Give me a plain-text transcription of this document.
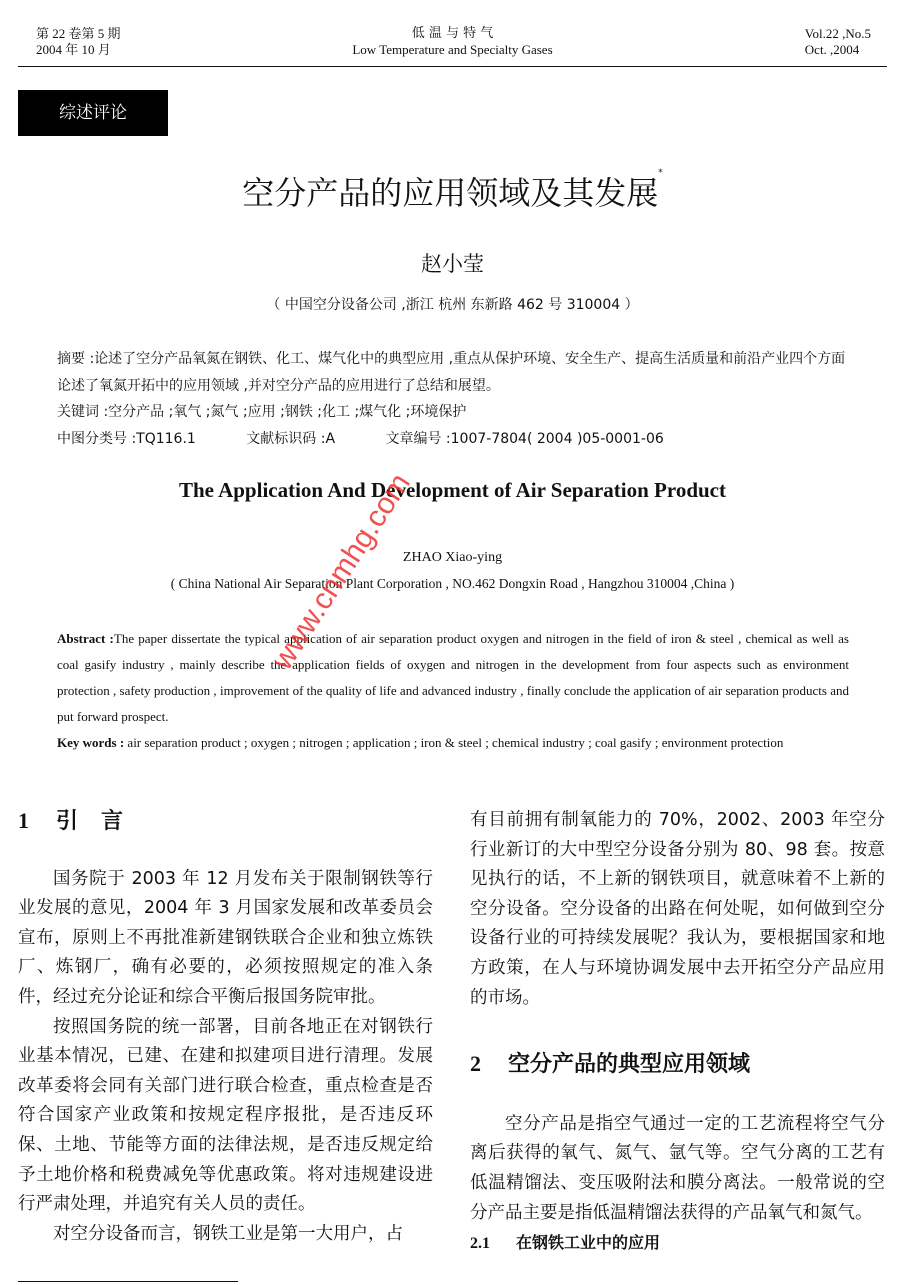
第 22 卷第 5 期
2004 年 10 月
低 温 与 特 气
Low Temperature and Specialty Gases
Vol.22 ,No.5
Oct. ,2004
综述评论
空分产品的应用领域及其发展*
赵小莹
（ 中国空分设备公司 ,浙江 杭州 东新路 462 号 310004 ）
摘要 :论述了空分产品氧氮在钢铁、化工、煤气化中的典型应用 ,重点从保护环境、安全生产、提高生活质量和前沿产业四个方面论述了氧氮开拓中的应用领域 ,并对空分产品的应用进行了总结和展望。
关键词 :空分产品 ;氧气 ;氮气 ;应用 ;钢铁 ;化工 ;煤气化 ;环境保护
中图分类号 :TQ116.1	文献标识码 :A	文章编号 :1007-7804( 2004 )05-0001-06
The Application And Development of Air Separation Product
ZHAO Xiao-ying
( China National Air Separation Plant Corporation , NO.462 Dongxin Road , Hangzhou 310004 ,China )
Abstract :The paper dissertate the typical application of air separation product oxygen and nitrogen in the field of iron & steel , chemical as well as coal gasify industry , mainly describe the application fields of oxygen and nitrogen in the development from four aspects such as environment protection , safety production , improvement of the quality of life and advanced industry , finally conclude the application of air separation products and put forward prospect.
Key words : air separation product ; oxygen ; nitrogen ; application ; iron & steel ; chemical industry ; coal gasify ; environment protection
1 引   言

国务院于 2003 年 12 月发布关于限制钢铁等行业发展的意见，2004 年 3 月国家发展和改革委员会宣布，原则上不再批准新建钢铁联合企业和独立炼铁厂、炼钢厂，确有必要的，必须按照规定的准入条件，经过充分论证和综合平衡后报国务院审批。

按照国务院的统一部署，目前各地正在对钢铁行业基本情况，已建、在建和拟建项目进行清理。发展改革委将会同有关部门进行联合检查，重点检查是否符合国家产业政策和按规定程序报批，是否违反环保、土地、节能等方面的法律法规，是否违反规定给予土地价格和税费减免等优惠政策。将对违规建设进行严肃处理，并追究有关人员的责任。

对空分设备而言，钢铁工业是第一大用户，占

有目前拥有制氧能力的 70%，2002、2003 年空分行业新订的大中型空分设备分别为 80、98 套。按意见执行的话，不上新的钢铁项目，就意味着不上新的空分设备。空分设备的出路在何处呢，如何做到空分设备行业的可持续发展呢？我认为，要根据国家和地方政策，在人与环境协调发展中去开拓空分产品应用的市场。

2 空分产品的典型应用领域

空分产品是指空气通过一定的工艺流程将空气分离后获得的氧气、氮气、氩气等。空气分离的工艺有低温精馏法、变压吸附法和膜分离法。一般常说的空分产品主要是指低温精馏法获得的产品氧气和氮气。

2.1 在钢铁工业中的应用
www.cnmhg.com
